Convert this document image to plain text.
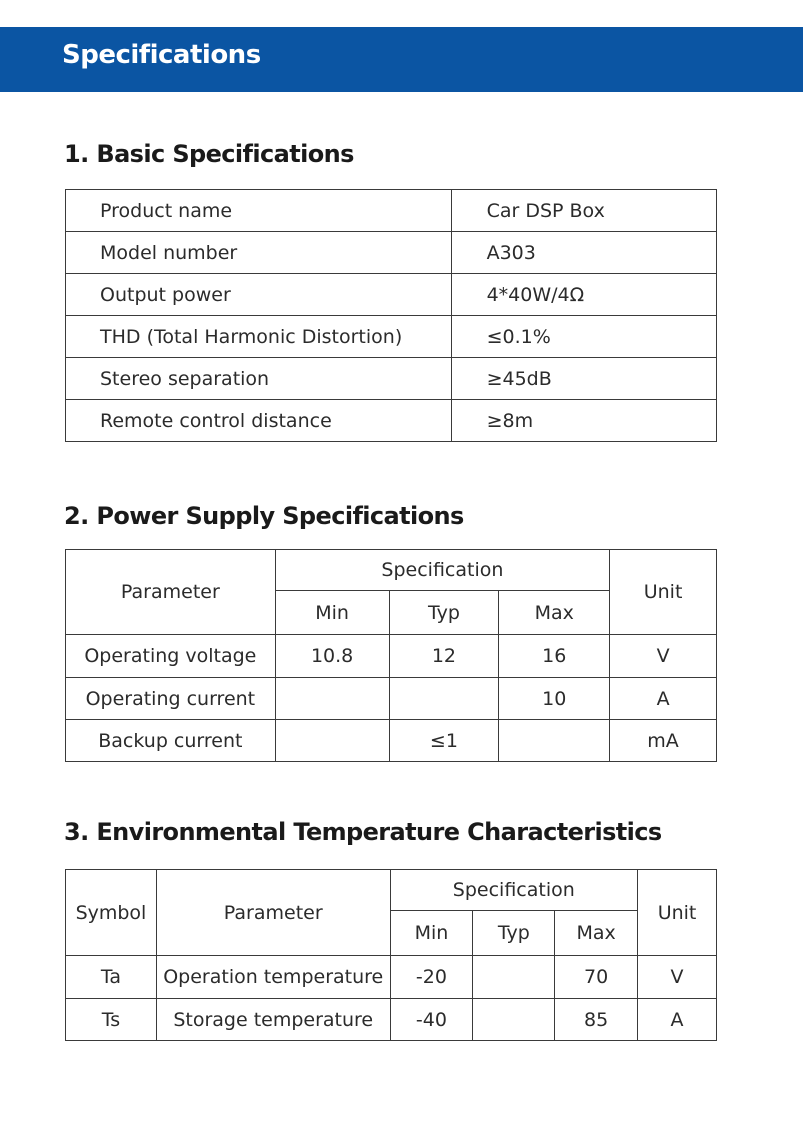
Specifications
1. Basic Specifications
Product name	Car DSP Box
Model number	A303
Output power	4*40W/4Ω
THD (Total Harmonic Distortion)	≤0.1%
Stereo separation	≥45dB
Remote control distance	≥8m
2. Power Supply Specifications
Parameter	Specification			Unit
	Min	Typ	Max	
Operating voltage	10.8	12	16	V
Operating current			10	A
Backup current		≤1		mA
3. Environmental Temperature Characteristics
Symbol	Parameter	Specification			Unit
		Min	Typ	Max	
Ta	Operation temperature	-20		70	V
Ts	Storage temperature	-40		85	A
